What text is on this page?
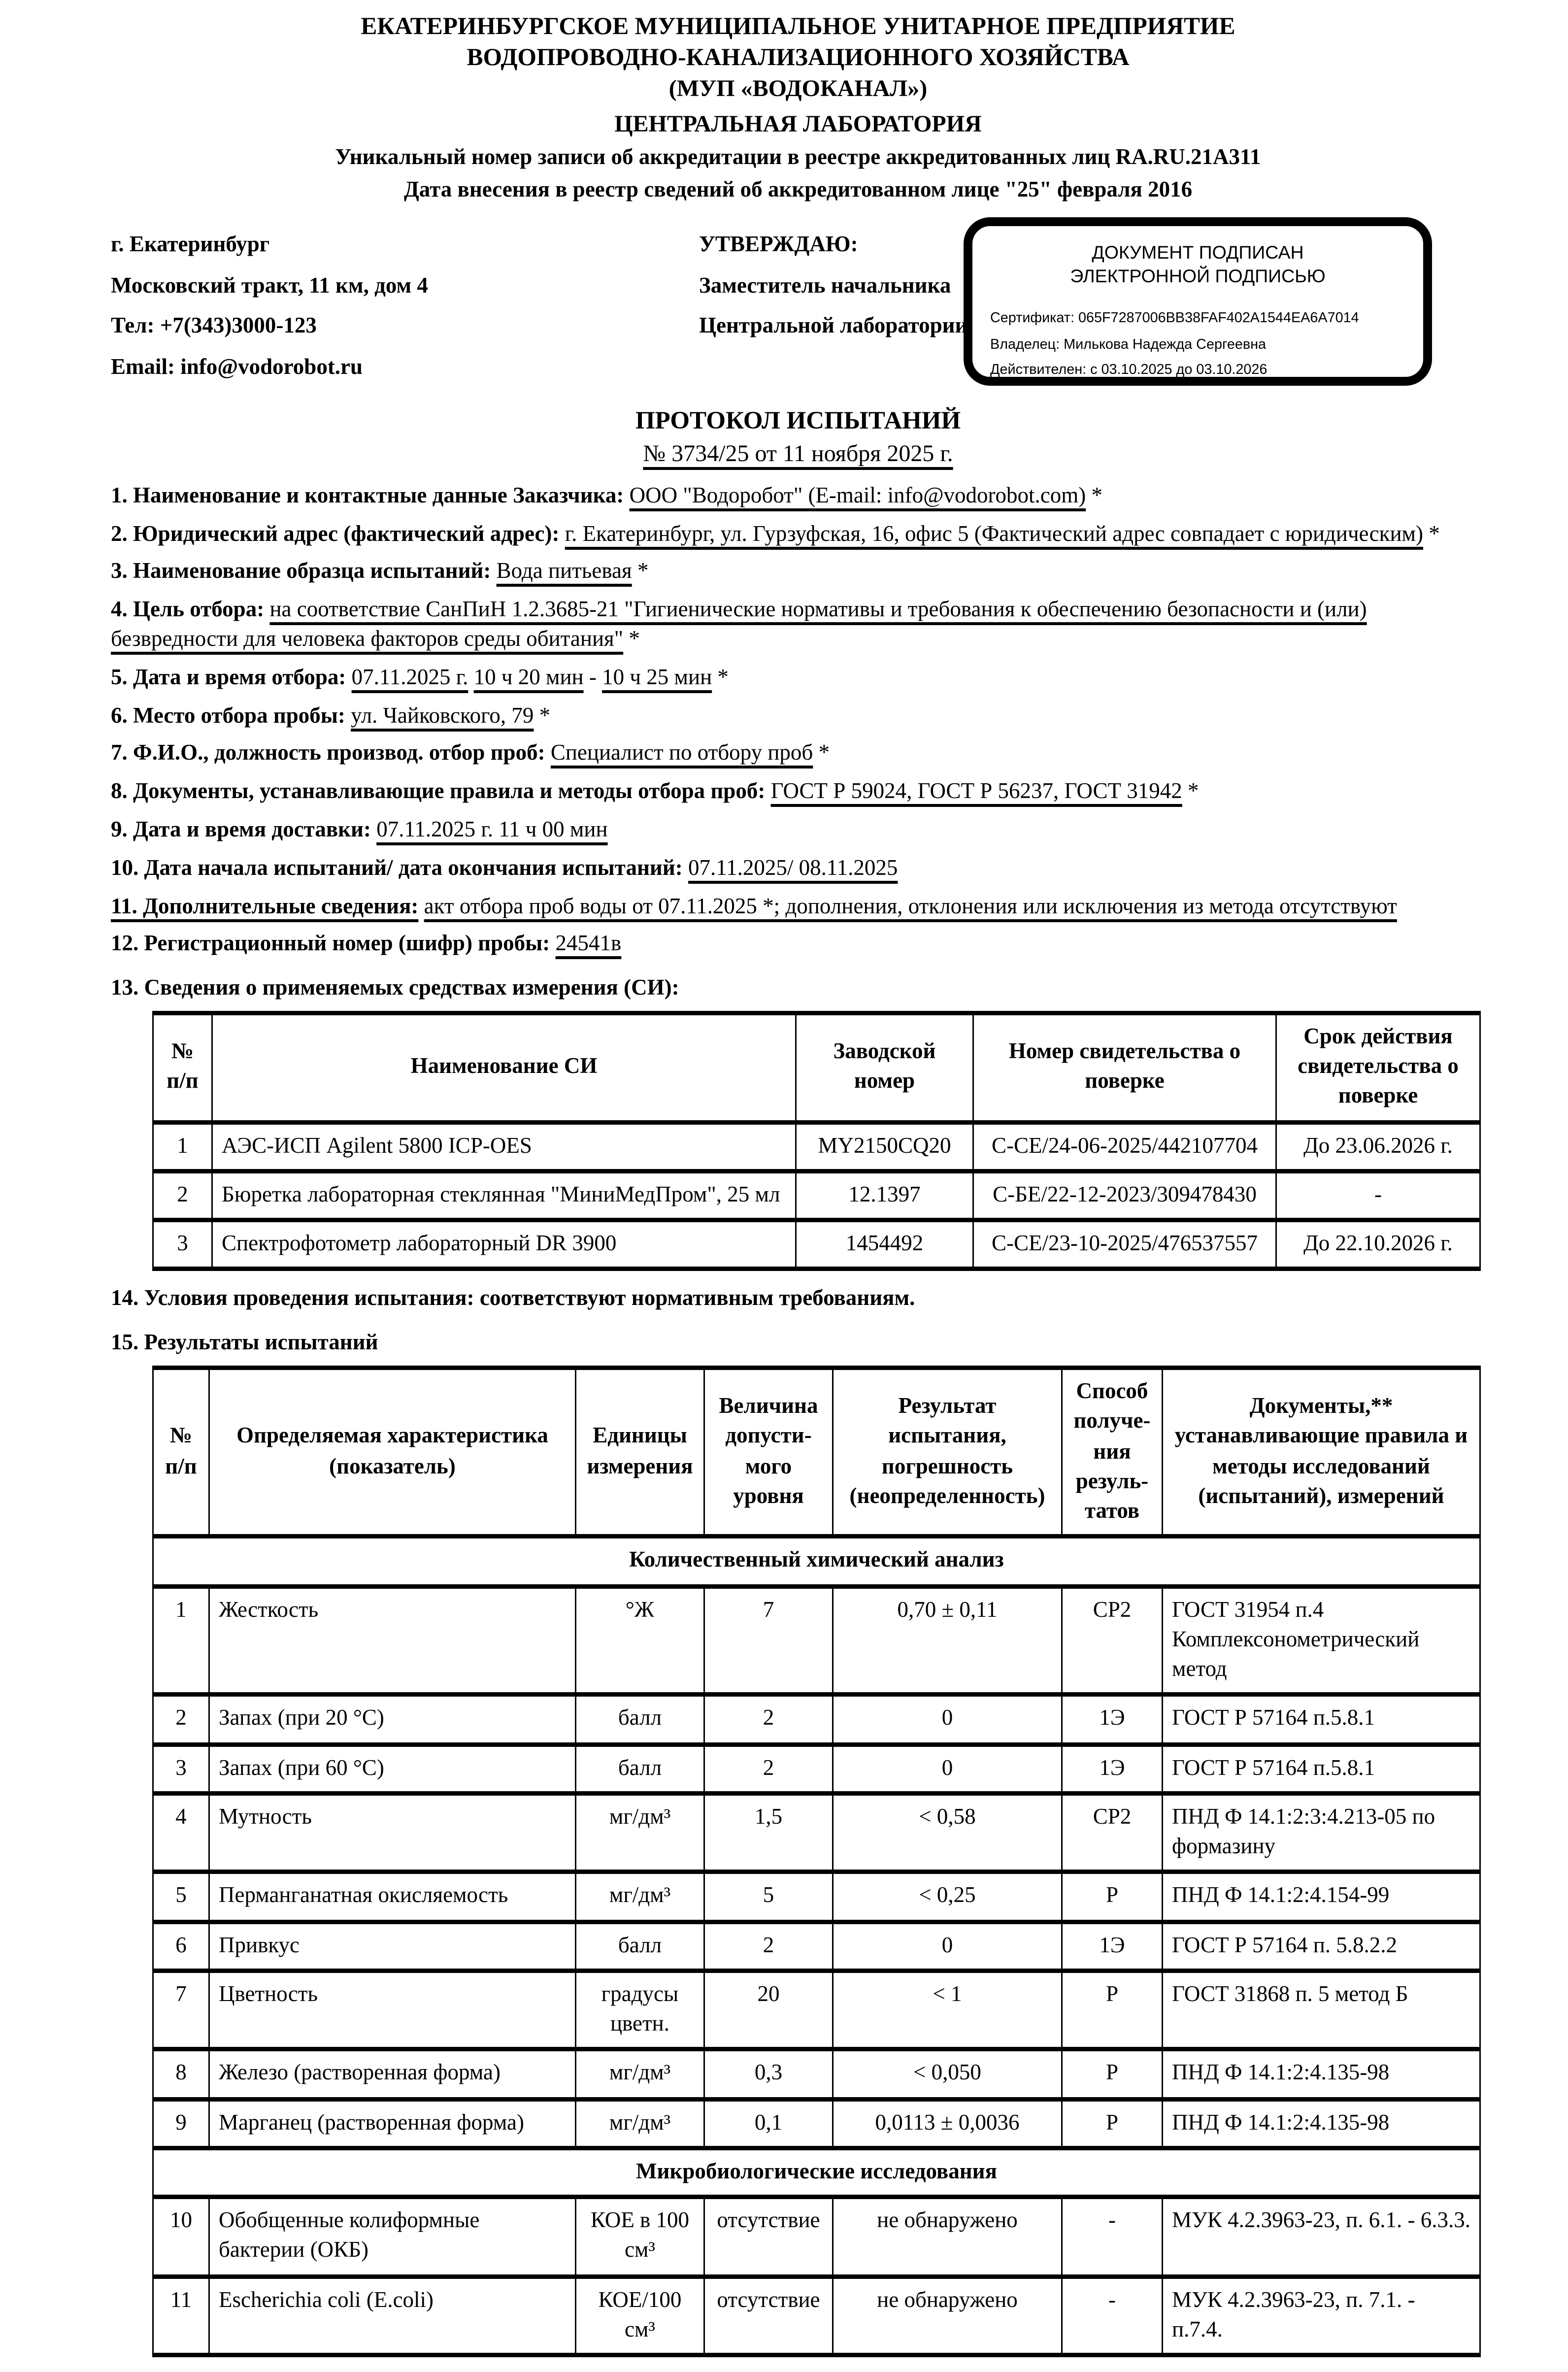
ЕКАТЕРИНБУРГСКОЕ МУНИЦИПАЛЬНОЕ УНИТАРНОЕ ПРЕДПРИЯТИЕ
ВОДОПРОВОДНО-КАНАЛИЗАЦИОННОГО ХОЗЯЙСТВА
(МУП «ВОДОКАНАЛ»)
ЦЕНТРАЛЬНАЯ ЛАБОРАТОРИЯ
Уникальный номер записи об аккредитации в реестре аккредитованных лиц RA.RU.21A311
Дата внесения в реестр сведений об аккредитованном лице "25" февраля 2016
г. Екатеринбург
Московский тракт, 11 км, дом 4
Тел: +7(343)3000-123
Email: info@vodorobot.ru
УТВЕРЖДАЮ:
Заместитель начальника
Центральной лаборатории
ДОКУМЕНТ ПОДПИСАН
ЭЛЕКТРОННОЙ ПОДПИСЬЮ
Сертификат: 065F7287006BB38FAF402A1544EA6A7014
Владелец: Милькова Надежда Сергеевна
Действителен: с 03.10.2025 до 03.10.2026
ПРОТОКОЛ ИСПЫТАНИЙ
№ 3734/25 от 11 ноября 2025 г.

1. Наименование и контактные данные Заказчика: ООО "Водоробот" (E-mail: info@vodorobot.com) *

2. Юридический адрес (фактический адрес): г. Екатеринбург, ул. Гурзуфская, 16, офис 5 (Фактический адрес совпадает с юридическим) *

3. Наименование образца испытаний: Вода питьевая *

4. Цель отбора: на соответствие СанПиН 1.2.3685-21 "Гигиенические нормативы и требования к обеспечению безопасности и (или) безвредности для человека факторов среды обитания" *

5. Дата и время отбора: 07.11.2025 г. 10 ч 20 мин - 10 ч 25 мин *

6. Место отбора пробы: ул. Чайковского, 79 *

7. Ф.И.О., должность производ. отбор проб: Специалист по отбору проб *

8. Документы, устанавливающие правила и методы отбора проб: ГОСТ Р 59024, ГОСТ Р 56237, ГОСТ 31942 *

9. Дата и время доставки: 07.11.2025 г. 11 ч 00 мин

10. Дата начала испытаний/ дата окончания испытаний: 07.11.2025/ 08.11.2025

11. Дополнительные сведения: акт отбора проб воды от 07.11.2025 *; дополнения, отклонения или исключения из метода отсутствуют

12. Регистрационный номер (шифр) пробы: 24541в

13. Сведения о применяемых средствах измерения (СИ):

№ п/п	Наименование СИ	Заводской номер	Номер свидетельства о поверке	Срок действия свидетельства о поверке
1	АЭС-ИСП Agilent 5800 ICP-OES	MY2150CQ20	С-СЕ/24-06-2025/442107704	До 23.06.2026 г.
2	Бюретка лабораторная стеклянная "МиниМедПром", 25 мл	12.1397	С-БЕ/22-12-2023/309478430	-
3	Спектрофотометр лабораторный DR 3900	1454492	С-СЕ/23-10-2025/476537557	До 22.10.2026 г.

14. Условия проведения испытания: соответствуют нормативным требованиям.

15. Результаты испытаний

№ п/п	Определяемая характеристика (показатель)	Единицы измерения	Величина допусти-мого уровня	Результат испытания, погрешность (неопределенность)	Способ получе-ния резуль-татов	Документы,** устанавливающие правила и методы исследований (испытаний), измерений
Количественный химический анализ						
1	Жесткость	°Ж	7	0,70 ± 0,11	СР2	ГОСТ 31954 п.4 Комплексонометрический метод
2	Запах (при 20 °С)	балл	2	0	1Э	ГОСТ Р 57164 п.5.8.1
3	Запах (при 60 °С)	балл	2	0	1Э	ГОСТ Р 57164 п.5.8.1
4	Мутность	мг/дм³	1,5	< 0,58	СР2	ПНД Ф 14.1:2:3:4.213-05 по формазину
5	Перманганатная окисляемость	мг/дм³	5	< 0,25	Р	ПНД Ф 14.1:2:4.154-99
6	Привкус	балл	2	0	1Э	ГОСТ Р 57164 п. 5.8.2.2
7	Цветность	градусы цветн.	20	< 1	Р	ГОСТ 31868 п. 5 метод Б
8	Железо (растворенная форма)	мг/дм³	0,3	< 0,050	Р	ПНД Ф 14.1:2:4.135-98
9	Марганец (растворенная форма)	мг/дм³	0,1	0,0113 ± 0,0036	Р	ПНД Ф 14.1:2:4.135-98
Микробиологические исследования						
10	Обобщенные колиформные бактерии (ОКБ)	КОЕ в 100 см³	отсутствие	не обнаружено	-	МУК 4.2.3963-23, п. 6.1. - 6.3.3.
11	Escherichia coli (E.coli)	КОЕ/100 см³	отсутствие	не обнаружено	-	МУК 4.2.3963-23, п. 7.1. - п.7.4.
